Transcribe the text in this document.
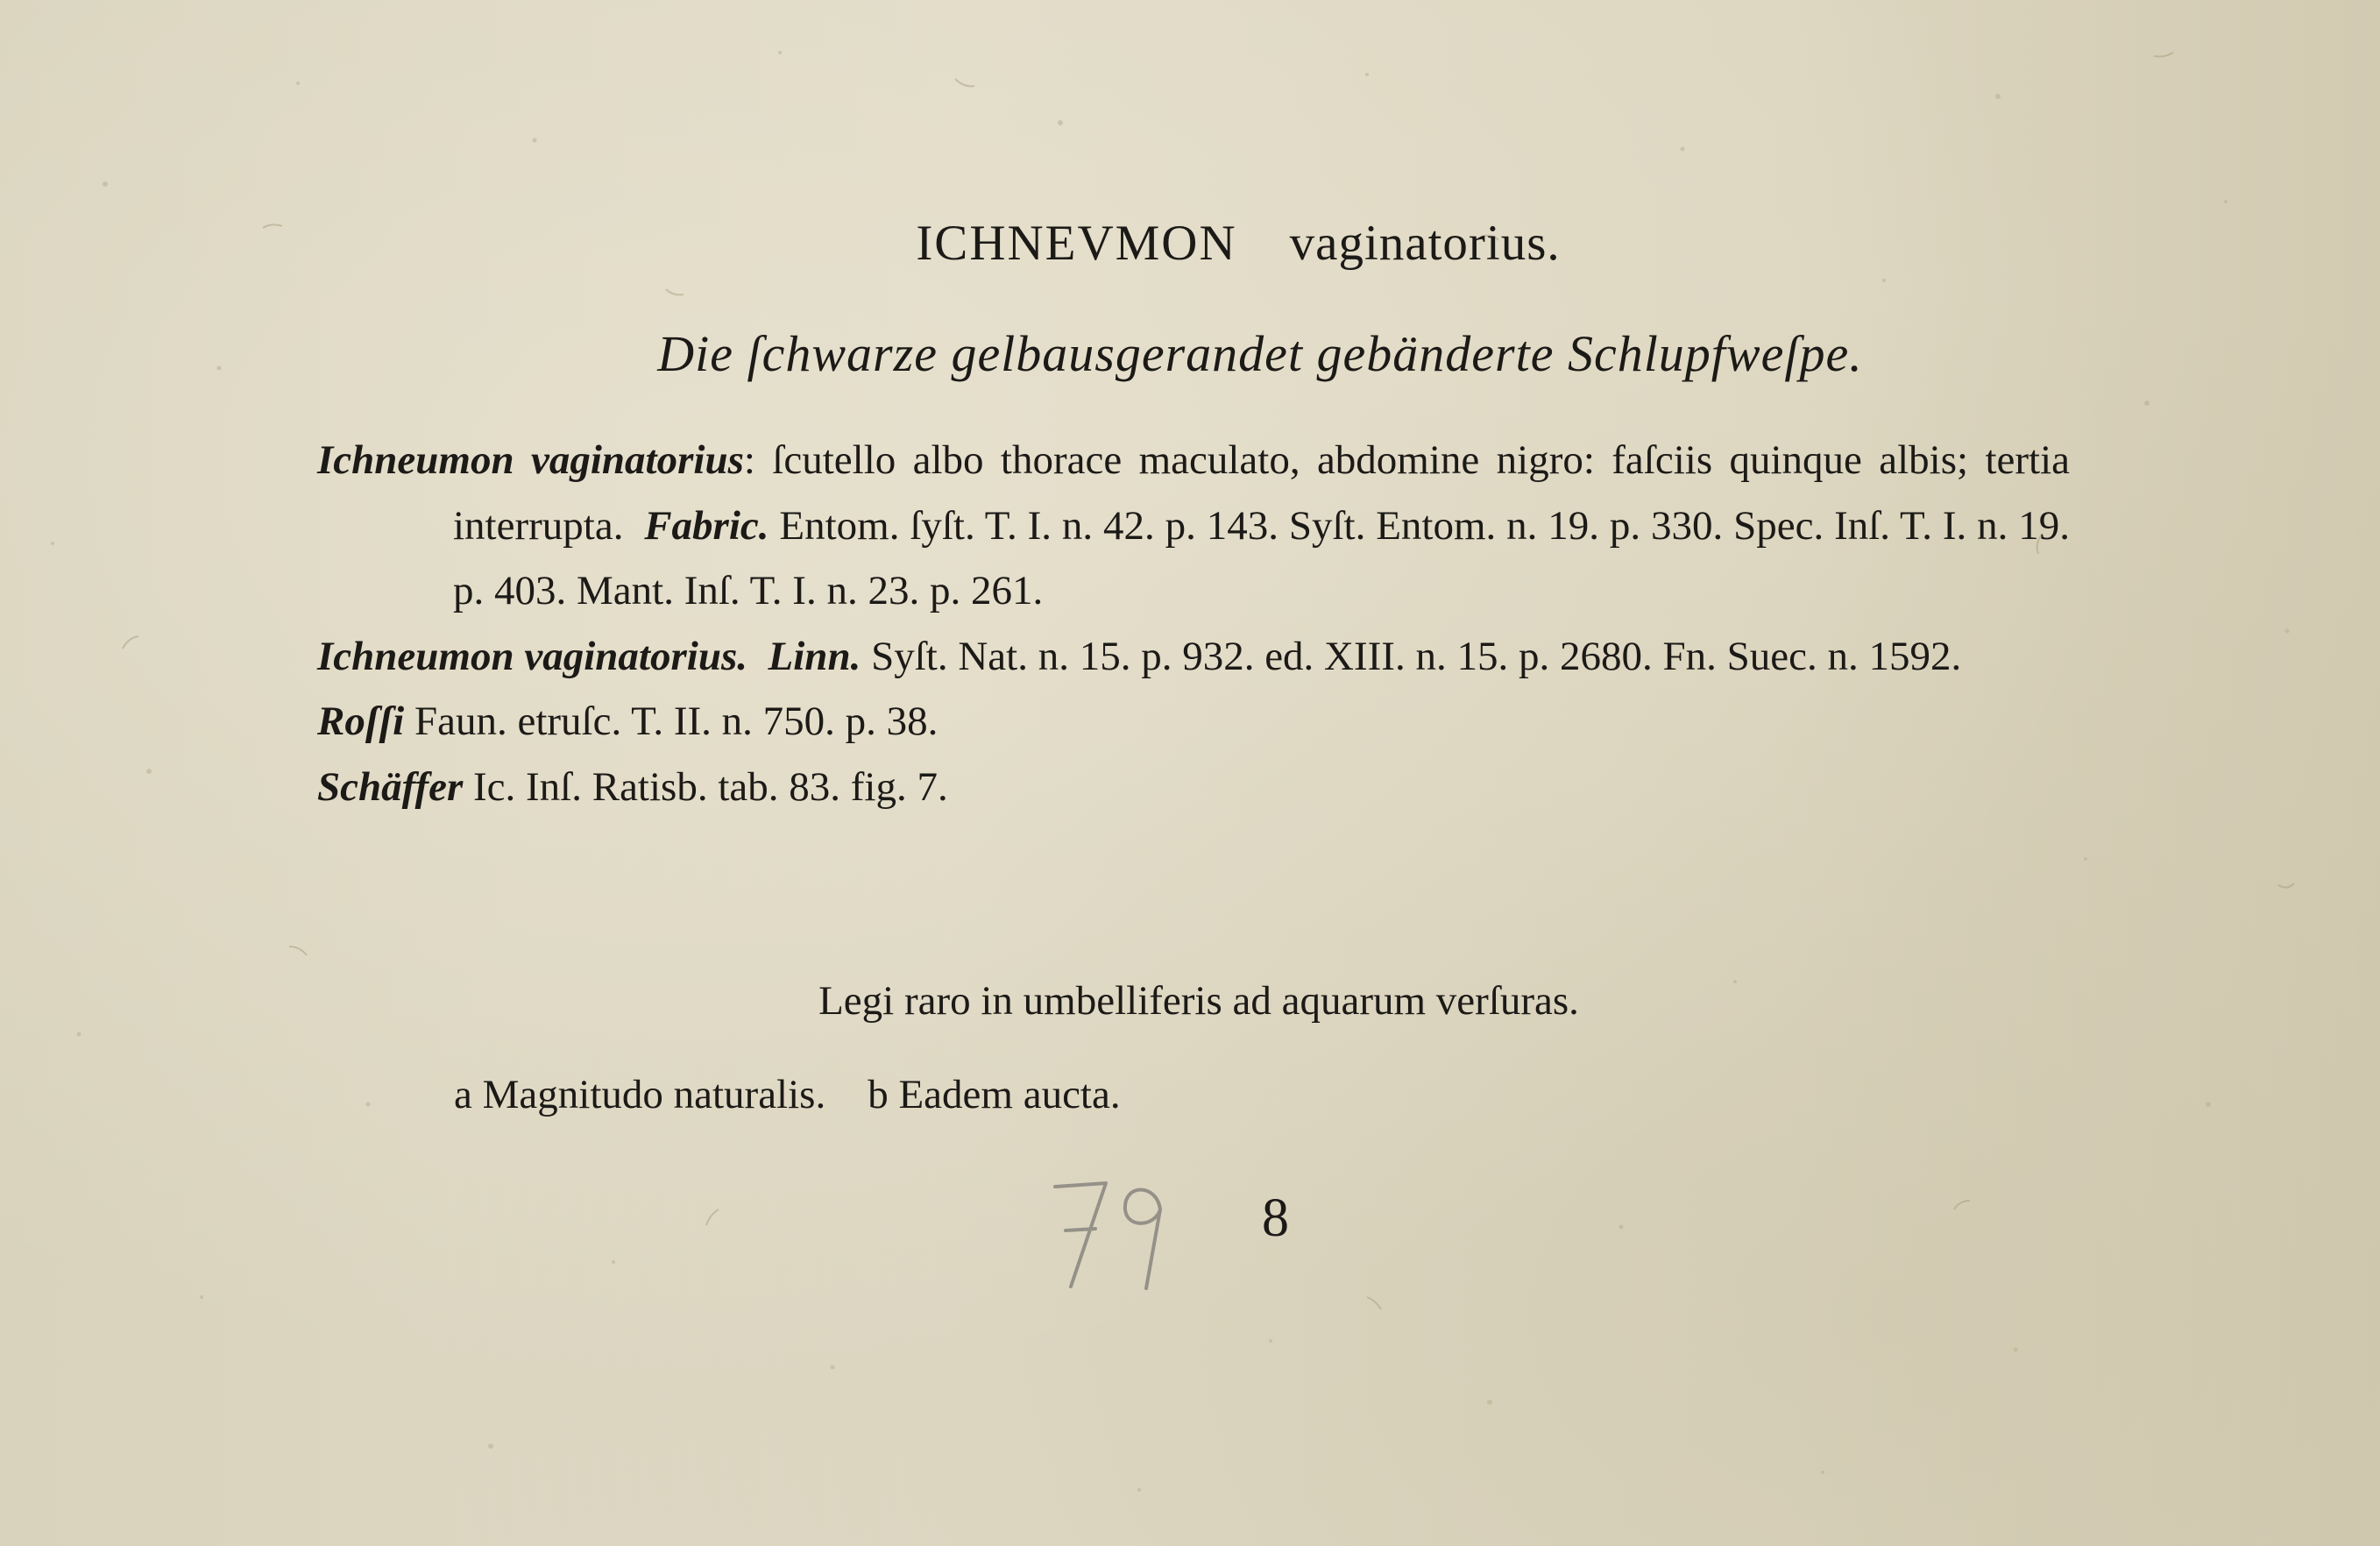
ICHNEVMON vaginatorius.
Die ſchwarze gelbausgerandet gebänderte Schlupfweſpe.
Ichneumon vaginatorius: ſcutello albo thorace maculato, abdomine nigro: faſciis quinque albis; tertia interrupta. Fabric. Entom. ſyſt. T. I. n. 42. p. 143. Syſt. Entom. n. 19. p. 330. Spec. Inſ. T. I. n. 19. p. 403. Mant. Inſ. T. I. n. 23. p. 261.
Ichneumon vaginatorius. Linn. Syſt. Nat. n. 15. p. 932. ed. XIII. n. 15. p. 2680. Fn. Suec. n. 1592.
Roſſi Faun. etruſc. T. II. n. 750. p. 38.
Schäffer Ic. Inſ. Ratisb. tab. 83. fig. 7.
Legi raro in umbelliferis ad aquarum verſuras.
a Magnitudo naturalis. b Eadem aucta.
8
